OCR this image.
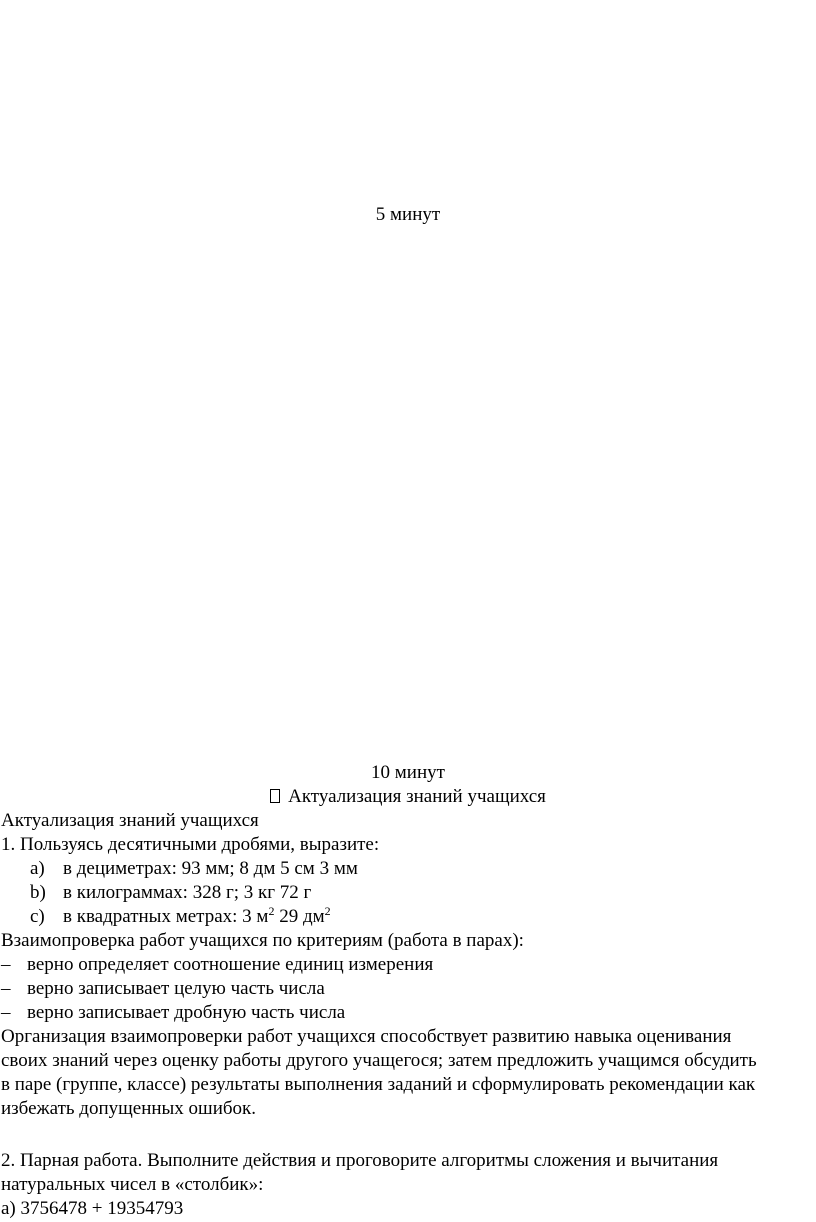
5 минут
10 минут
Актуализация знаний учащихся
Актуализация знаний учащихся
1. Пользуясь десятичными дробями, выразите:
a) в дециметрах: 93 мм; 8 дм 5 см 3 мм
b) в килограммах: 328 г; 3 кг 72 г
c) в квадратных метрах: 3 $м^2$ 29 $дм^2$
Взаимопроверка работ учащихся по критериям (работа в парах):
– верно определяет соотношение единиц измерения
– верно записывает целую часть числа
– верно записывает дробную часть числа
Организация взаимопроверки работ учащихся способствует развитию навыка оценивания
своих знаний через оценку работы другого учащегося; затем предложить учащимся обсудить
в паре (группе, классе) результаты выполнения заданий и сформулировать рекомендации как
избежать допущенных ошибок.
2. Парная работа. Выполните действия и проговорите алгоритмы сложения и вычитания
натуральных чисел в «столбик»:
а) 3756478 + 19354793
